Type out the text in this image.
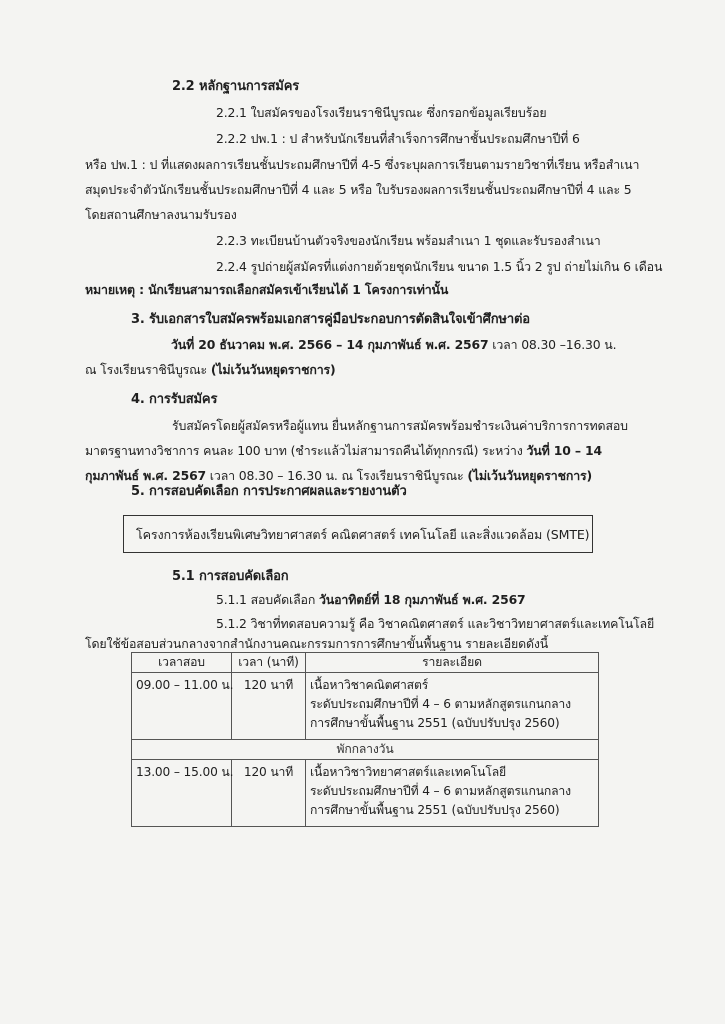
2.2 หลักฐานการสมัคร
2.2.1 ใบสมัครของโรงเรียนราชินีบูรณะ ซึ่งกรอกข้อมูลเรียบร้อย
2.2.2 ปพ.1 : ป สำหรับนักเรียนที่สำเร็จการศึกษาชั้นประถมศึกษาปีที่ 6
หรือ ปพ.1 : ป ที่แสดงผลการเรียนชั้นประถมศึกษาปีที่ 4-5 ซึ่งระบุผลการเรียนตามรายวิชาที่เรียน หรือสำเนา
สมุดประจำตัวนักเรียนชั้นประถมศึกษาปีที่ 4 และ 5 หรือ ใบรับรองผลการเรียนชั้นประถมศึกษาปีที่ 4 และ 5
โดยสถานศึกษาลงนามรับรอง
2.2.3 ทะเบียนบ้านตัวจริงของนักเรียน พร้อมสำเนา 1 ชุดและรับรองสำเนา
2.2.4 รูปถ่ายผู้สมัครที่แต่งกายด้วยชุดนักเรียน ขนาด 1.5 นิ้ว 2 รูป ถ่ายไม่เกิน 6 เดือน
หมายเหตุ : นักเรียนสามารถเลือกสมัครเข้าเรียนได้ 1 โครงการเท่านั้น
3. รับเอกสารใบสมัครพร้อมเอกสารคู่มือประกอบการตัดสินใจเข้าศึกษาต่อ
วันที่ 20 ธันวาคม พ.ศ. 2566 – 14 กุมภาพันธ์ พ.ศ. 2567 เวลา 08.30 –16.30 น.
ณ โรงเรียนราชินีบูรณะ (ไม่เว้นวันหยุดราชการ)
4. การรับสมัคร
รับสมัครโดยผู้สมัครหรือผู้แทน ยื่นหลักฐานการสมัครพร้อมชำระเงินค่าบริการการทดสอบ
มาตรฐานทางวิชาการ คนละ 100 บาท (ชำระแล้วไม่สามารถคืนได้ทุกกรณี) ระหว่าง วันที่ 10 – 14
กุมภาพันธ์ พ.ศ. 2567 เวลา 08.30 – 16.30 น. ณ โรงเรียนราชินีบูรณะ (ไม่เว้นวันหยุดราชการ)
5. การสอบคัดเลือก การประกาศผลและรายงานตัว
โครงการห้องเรียนพิเศษวิทยาศาสตร์ คณิตศาสตร์ เทคโนโลยี และสิ่งแวดล้อม (SMTE)
5.1 การสอบคัดเลือก
5.1.1 สอบคัดเลือก วันอาทิตย์ที่ 18 กุมภาพันธ์ พ.ศ. 2567
5.1.2 วิชาที่ทดสอบความรู้ คือ วิชาคณิตศาสตร์ และวิชาวิทยาศาสตร์และเทคโนโลยี
โดยใช้ข้อสอบส่วนกลางจากสำนักงานคณะกรรมการการศึกษาขั้นพื้นฐาน รายละเอียดดังนี้
เวลาสอบ	เวลา (นาที)	รายละเอียด
09.00 – 11.00 น.	120 นาที	เนื้อหาวิชาคณิตศาสตร์
ระดับประถมศึกษาปีที่ 4 – 6 ตามหลักสูตรแกนกลาง
การศึกษาขั้นพื้นฐาน 2551 (ฉบับปรับปรุง 2560)

พักกลางวัน		
13.00 – 15.00 น.	120 นาที	เนื้อหาวิชาวิทยาศาสตร์และเทคโนโลยี
ระดับประถมศึกษาปีที่ 4 – 6 ตามหลักสูตรแกนกลาง
การศึกษาขั้นพื้นฐาน 2551 (ฉบับปรับปรุง 2560)
